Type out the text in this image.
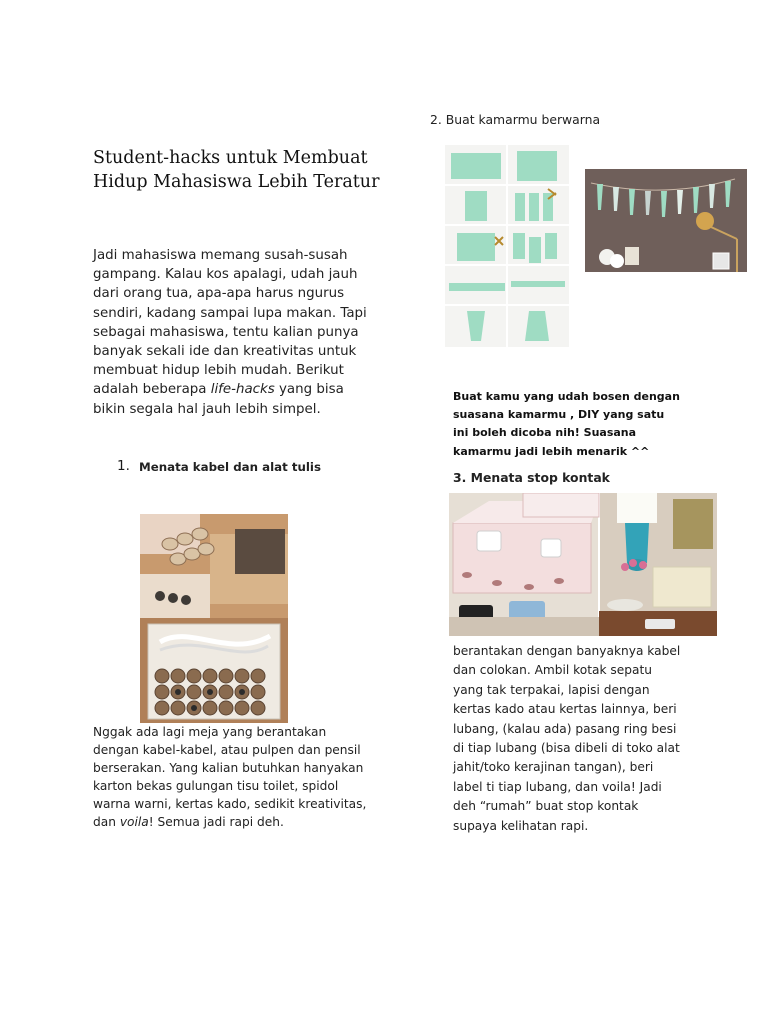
Student-hacks untuk Membuat Hidup Mahasiswa Lebih Teratur
Jadi mahasiswa memang susah-susah gampang. Kalau kos apalagi, udah jauh dari orang tua, apa-apa harus ngurus sendiri, kadang sampai lupa makan. Tapi sebagai mahasiswa, tentu kalian punya banyak sekali ide dan kreativitas untuk membuat hidup lebih mudah. Berikut adalah beberapa life-hacks yang bisa bikin segala hal jauh lebih simpel.
1. Menata kabel dan alat tulis
Nggak ada lagi meja yang berantakan dengan kabel-kabel, atau pulpen dan pensil berserakan. Yang kalian butuhkan hanyakan karton bekas gulungan tisu toilet, spidol warna warni, kertas kado, sedikit kreativitas, dan voila! Semua jadi rapi deh.
2. Buat kamarmu berwarna
Buat kamu yang udah bosen dengan suasana kamarmu , DIY yang satu ini boleh dicoba nih! Suasana kamarmu jadi lebih menarik ^^
3. Menata stop kontak
berantakan dengan banyaknya kabel dan colokan. Ambil kotak sepatu yang tak terpakai, lapisi dengan kertas kado atau kertas lainnya, beri lubang, (kalau ada) pasang ring besi di tiap lubang (bisa dibeli di toko alat jahit/toko kerajinan tangan), beri label ti tiap lubang, dan voila! Jadi deh “rumah” buat stop kontak supaya kelihatan rapi.
